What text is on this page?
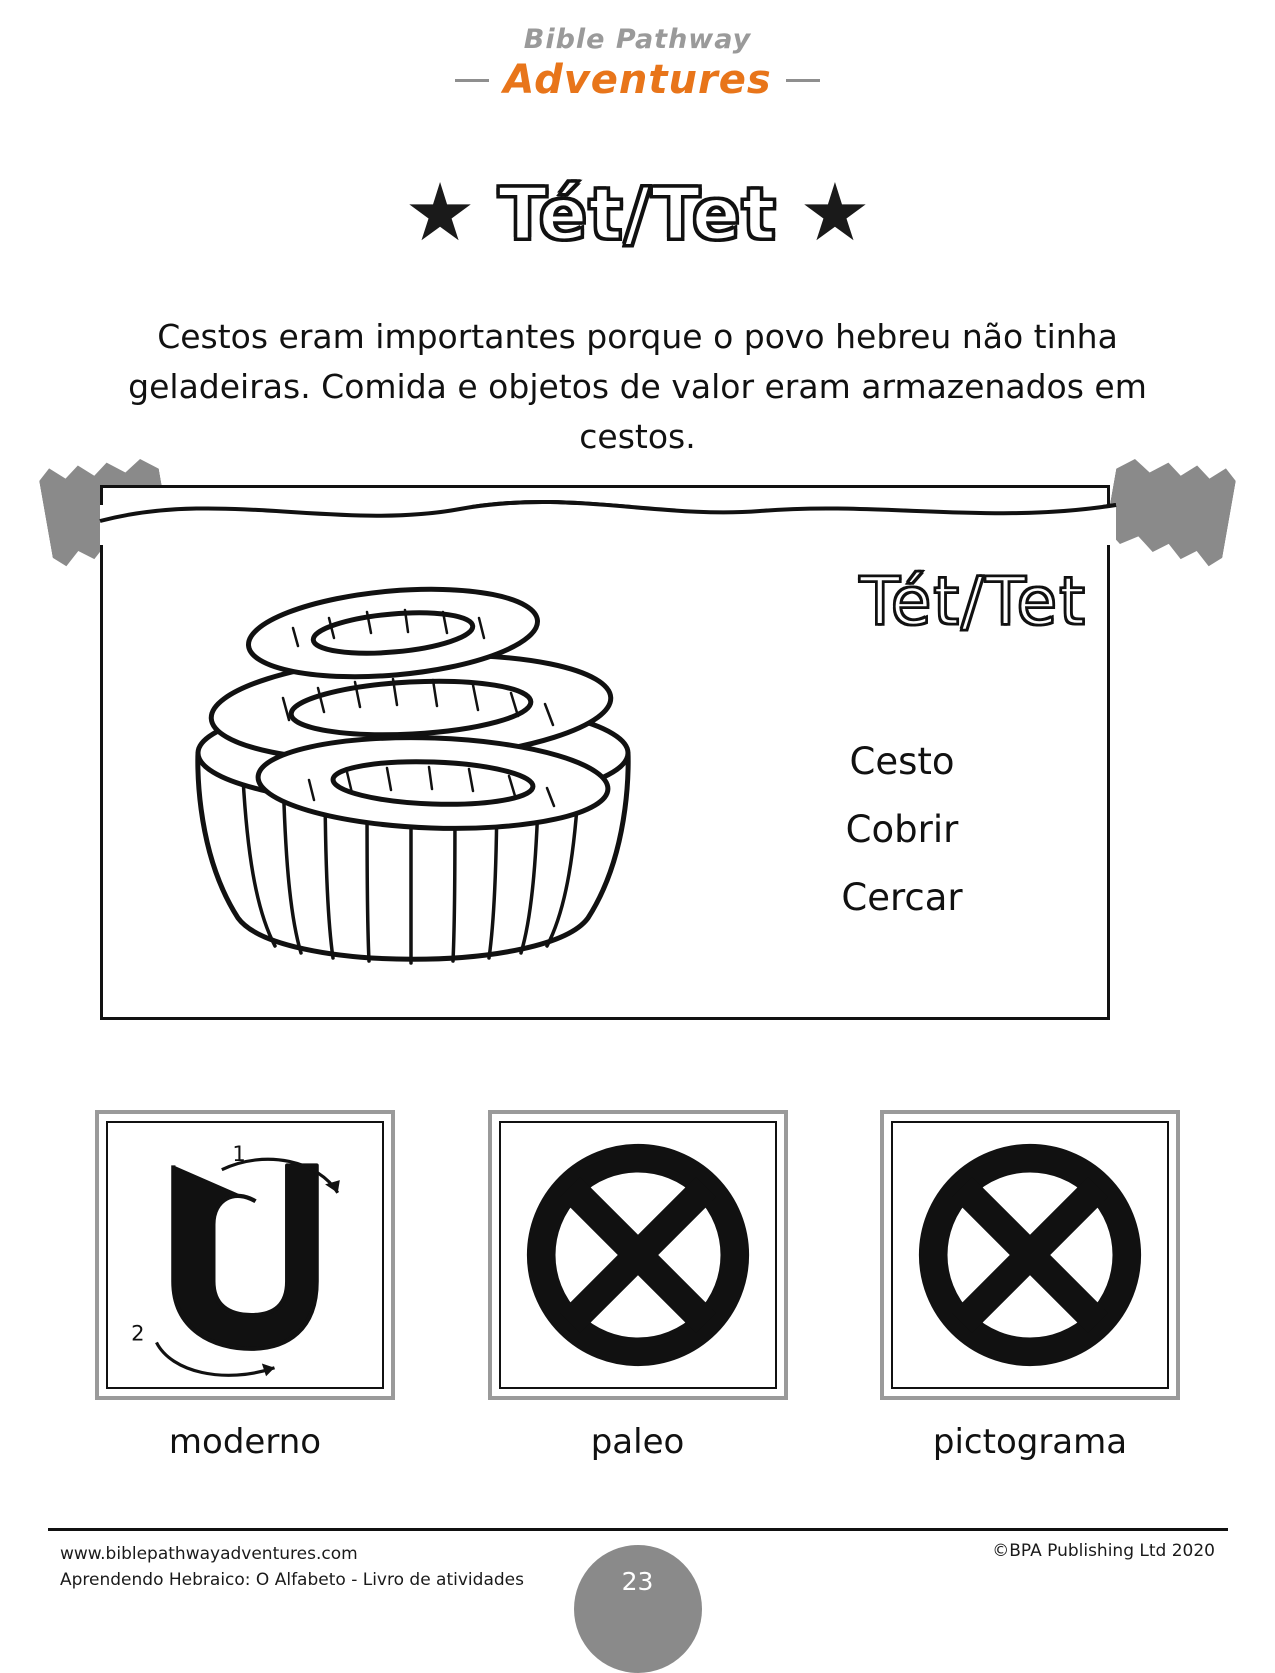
Bible Pathway
Adventures
Tét/Tet
Cestos eram importantes porque o povo hebreu não tinha geladeiras. Comida e objetos de valor eram armazenados em cestos.
Tét/Tet
Cesto
Cobrir
Cercar
1
2
moderno	paleo	pictograma
www.biblepathwayadventures.com
Aprendendo Hebraico: O Alfabeto - Livro de atividades
©BPA Publishing Ltd 2020
23
